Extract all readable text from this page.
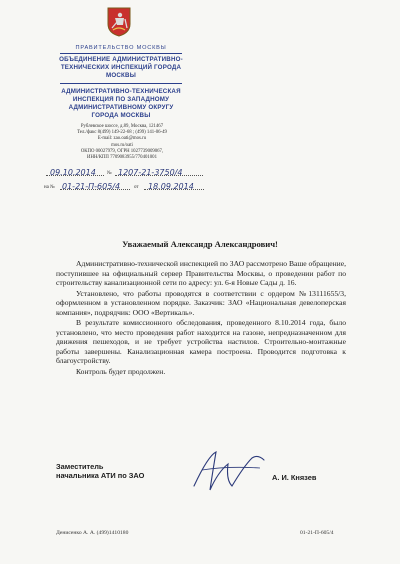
ПРАВИТЕЛЬСТВО МОСКВЫ
ОБЪЕДИНЕНИЕ АДМИНИСТРАТИВНО-
ТЕХНИЧЕСКИХ ИНСПЕКЦИЙ ГОРОДА
МОСКВЫ
АДМИНИСТРАТИВНО-ТЕХНИЧЕСКАЯ
ИНСПЕКЦИЯ ПО ЗАПАДНОМУ
АДМИНИСТРАТИВНОМУ ОКРУГУ
ГОРОДА МОСКВЫ
Рублевское шоссе, д.89, Москва, 121467
Тел./факс 8(499) 149-22-68 ; (499) 141-06-49
E-mail: zao.oati@mos.ru
mos.ru/oati
ОКПО 00027979, ОГРН 1027739009067,
ИНН/КПП 7709083955/770401001
09.10.2014 № 1207-21-3750/4
на № 01-21-П-605/4	от 18.09.2014
Уважаемый Александр Александрович!

Административно-технической инспекцией по ЗАО рассмотрено Ваше обращение, поступившее на официальный сервер Правительства Москвы, о проведении работ по строительству канализационной сети по адресу: ул. 6-я Новые Сады д. 16.

Установлено, что работы проводятся в соответствии с ордером №13111655/3, оформленном в установленном порядке. Заказчик: ЗАО «Национальная девелоперская компания», подрядчик: ООО «Вертикаль».

В результате комиссионного обследования, проведенного 8.10.2014 года, было установлено, что место проведения работ находится на газоне, непредназначенном для движения пешеходов, и не требует устройства настилов. Строительно-монтажные работы завершены. Канализационная камера построена. Проводится подготовка к благоустройству.

Контроль будет продолжен.

Заместитель
начальника АТИ по ЗАО	А. И. Князев
Денисенко А. А. (499)1410180	01-21-П-605/4
